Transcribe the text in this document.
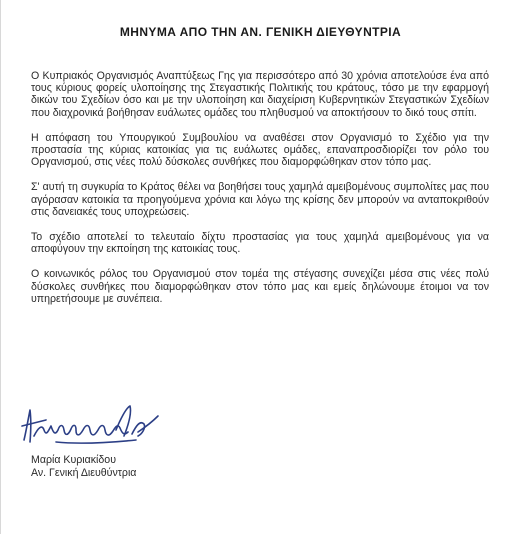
ΜΗΝΥΜΑ ΑΠΟ ΤΗΝ ΑΝ. ΓΕΝΙΚΗ ΔΙΕΥΘΥΝΤΡΙΑ

Ο Κυπριακός Οργανισμός Αναπτύξεως Γης για περισσότερο από 30 χρόνια αποτελούσε ένα από τους κύριους φορείς υλοποίησης της Στεγαστικής Πολιτικής του κράτους, τόσο με την εφαρμογή δικών του Σχεδίων όσο και με την υλοποίηση και διαχείριση Κυβερνητικών Στεγαστικών Σχεδίων που διαχρονικά βοήθησαν ευάλωτες ομάδες του πληθυσμού να αποκτήσουν το δικό τους σπίτι.

Η απόφαση του Υπουργικού Συμβουλίου να αναθέσει στον Οργανισμό το Σχέδιο για την προστασία της κύριας κατοικίας για τις ευάλωτες ομάδες, επαναπροσδιορίζει τον ρόλο του Οργανισμού, στις νέες πολύ δύσκολες συνθήκες που διαμορφώθηκαν στον τόπο μας.

Σ' αυτή τη συγκυρία το Κράτος θέλει να βοηθήσει τους χαμηλά αμειβομένους συμπολίτες μας που αγόρασαν κατοικία τα προηγούμενα χρόνια και λόγω της κρίσης δεν μπορούν να ανταποκριθούν στις δανειακές τους υποχρεώσεις.

Το σχέδιο αποτελεί το τελευταίο δίχτυ προστασίας για τους χαμηλά αμειβομένους για να αποφύγουν την εκποίηση της κατοικίας τους.

Ο κοινωνικός ρόλος του Οργανισμού στον τομέα της στέγασης συνεχίζει μέσα στις νέες πολύ δύσκολες συνθήκες που διαμορφώθηκαν στον τόπο μας και εμείς δηλώνουμε έτοιμοι να τον υπηρετήσουμε με συνέπεια.

Μαρία Κυριακίδου
Αν. Γενική Διευθύντρια
